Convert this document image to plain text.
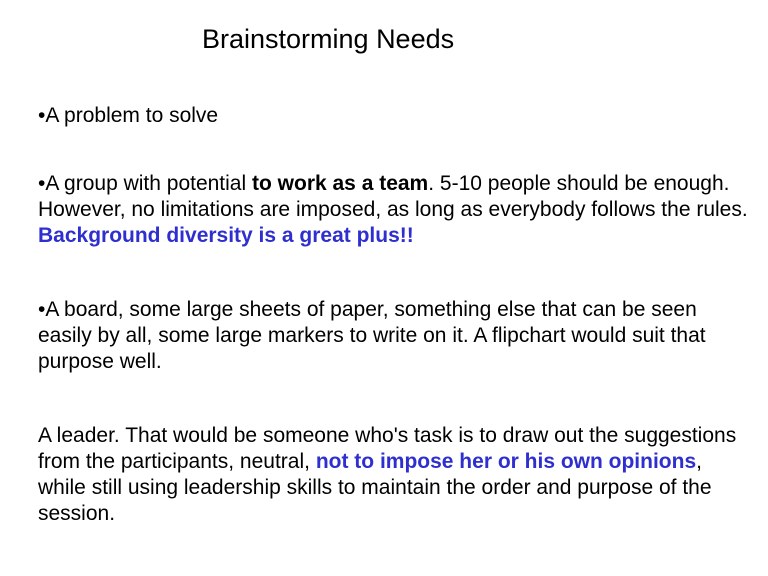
Brainstorming Needs
•A problem to solve
•A group with potential to work as a team. 5-10 people should be enough. However, no limitations are imposed, as long as everybody follows the rules. Background diversity is a great plus!!
•A board, some large sheets of paper, something else that can be seen easily by all, some large markers to write on it. A flipchart would suit that purpose well.
A leader. That would be someone who's task is to draw out the suggestions from the participants, neutral, not to impose her or his own opinions, while still using leadership skills to maintain the order and purpose of the session.
